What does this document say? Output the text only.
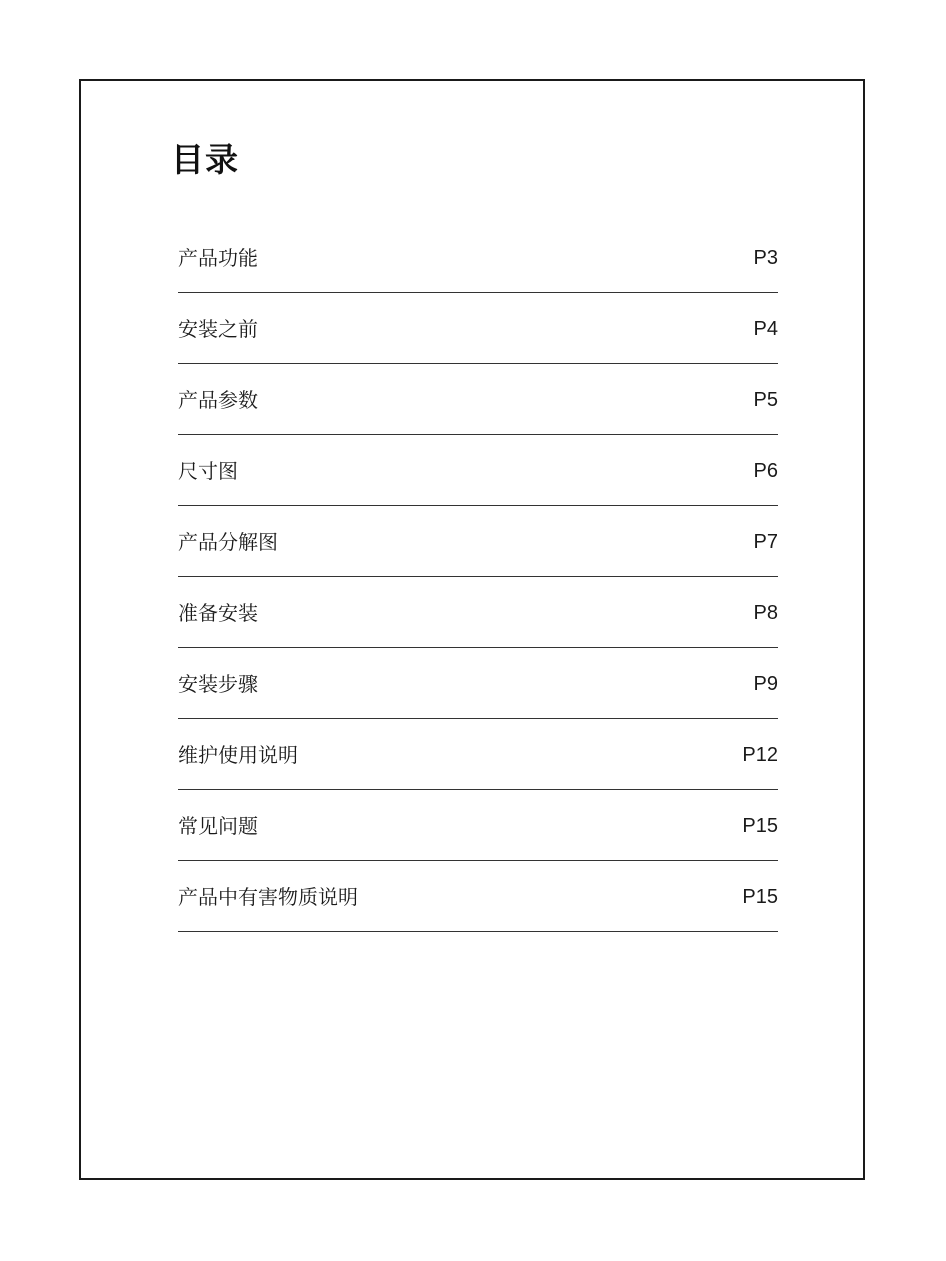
目录
产品功能	P3
安装之前	P4
产品参数	P5
尺寸图	P6
产品分解图	P7
准备安装	P8
安装步骤	P9
维护使用说明	P12
常见问题	P15
产品中有害物质说明	P15
